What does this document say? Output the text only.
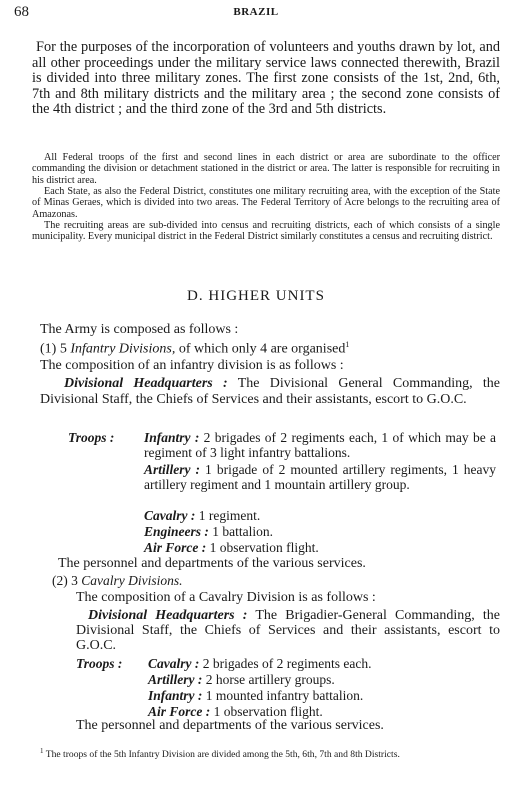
68	BRAZIL

For the purposes of the incorporation of volunteers and youths drawn by lot, and all other proceedings under the military service laws connected therewith, Brazil is divided into three military zones. The first zone consists of the 1st, 2nd, 6th, 7th and 8th military districts and the military area ; the second zone consists of the 4th district ; and the third zone of the 3rd and 5th districts.

All Federal troops of the first and second lines in each district or area are subordinate to the officer commanding the division or detachment stationed in the district or area. The latter is responsible for recruiting in his district area.

Each State, as also the Federal District, constitutes one military recruiting area, with the exception of the State of Minas Geraes, which is divided into two areas. The Federal Territory of Acre belongs to the recruiting area of Amazonas.

The recruiting areas are sub-divided into census and recruiting districts, each of which consists of a single municipality. Every municipal district in the Federal District similarly constitutes a census and recruiting district.

D. HIGHER UNITS
The Army is composed as follows :
(1) 5 Infantry Divisions, of which only 4 are organised$^1$
The composition of an infantry division is as follows :
Divisional Headquarters : The Divisional General Commanding, the Divisional Staff, the Chiefs of Services and their assistants, escort to G.O.C.
Troops : Infantry : 2 brigades of 2 regiments each, 1 of which may be a regiment of 3 light infantry battalions.
Artillery : 1 brigade of 2 mounted artillery regiments, 1 heavy artillery regiment and 1 mountain artillery group.
Cavalry : 1 regiment.
Engineers : 1 battalion.
Air Force : 1 observation flight.
The personnel and departments of the various services.
(2) 3 Cavalry Divisions.
The composition of a Cavalry Division is as follows :
Divisional Headquarters : The Brigadier-General Commanding, the Divisional Staff, the Chiefs of Services and their assistants, escort to G.O.C.
Troops : Cavalry : 2 brigades of 2 regiments each.
Artillery : 2 horse artillery groups.
Infantry : 1 mounted infantry battalion.
Air Force : 1 observation flight.
The personnel and departments of the various services.

$^1$ The troops of the 5th Infantry Division are divided among the 5th, 6th, 7th and 8th Districts.
